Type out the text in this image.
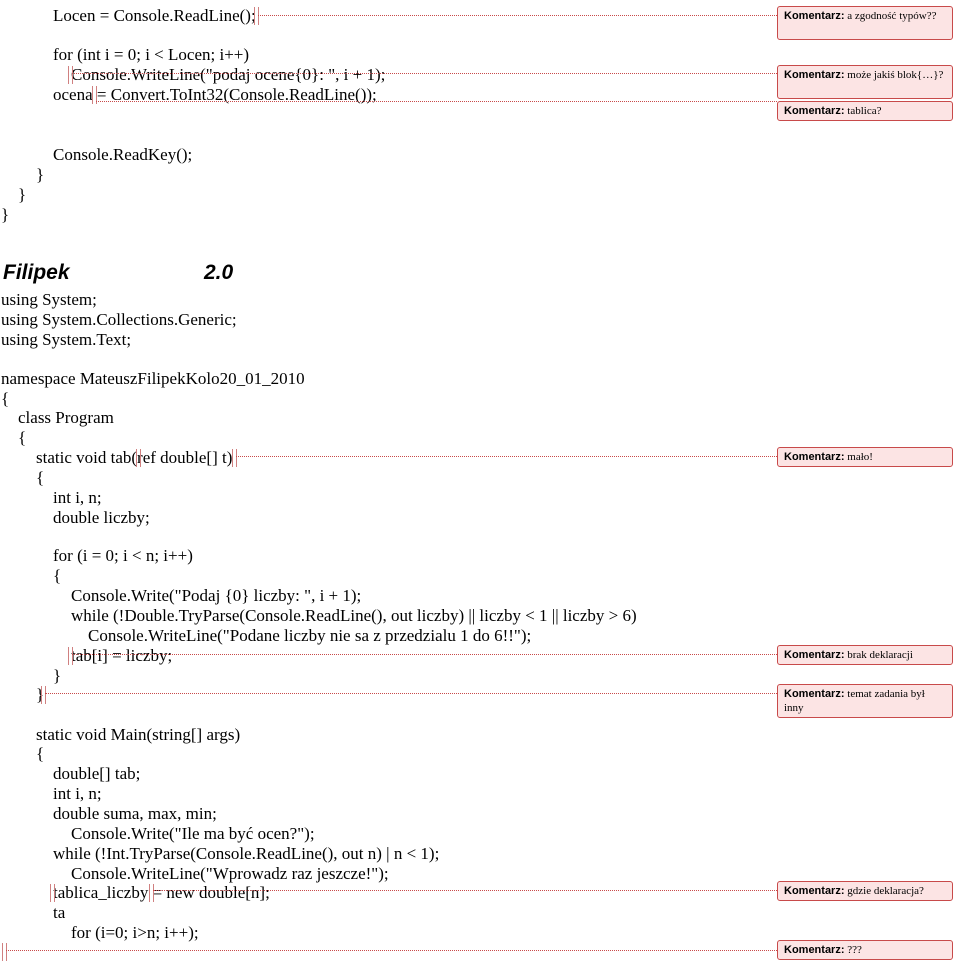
Locen = Console.ReadLine();
for (int i = 0; i < Locen; i++)
Console.WriteLine("podaj ocene{0}: ", i + 1);
ocena = Convert.ToInt32(Console.ReadLine());
Console.ReadKey();
}
}
}
Filipek	2.0
using System;
using System.Collections.Generic;
using System.Text;
namespace MateuszFilipekKolo20_01_2010
{
class Program
{
static void tab(ref double[] t)
{
int i, n;
double liczby;
for (i = 0; i < n; i++)
{
Console.Write("Podaj {0} liczby: ", i + 1);
while (!Double.TryParse(Console.ReadLine(), out liczby) || liczby < 1 || liczby > 6)
Console.WriteLine("Podane liczby nie sa z przedzialu 1 do 6!!");
tab[i] = liczby;
}
}
static void Main(string[] args)
{
double[] tab;
int i, n;
double suma, max, min;
Console.Write("Ile ma być ocen?");
while (!Int.TryParse(Console.ReadLine(), out n) | n < 1);
Console.WriteLine("Wprowadz raz jeszcze!");
tablica_liczby = new double[n];
ta
for (i=0; i>n; i++);
Komentarz: a zgodność typów??
Komentarz: może jakiś blok{…}?
Komentarz: tablica?
Komentarz: mało!
Komentarz: brak deklaracji
Komentarz: temat zadania był inny
Komentarz: gdzie deklaracja?
Komentarz: ???
